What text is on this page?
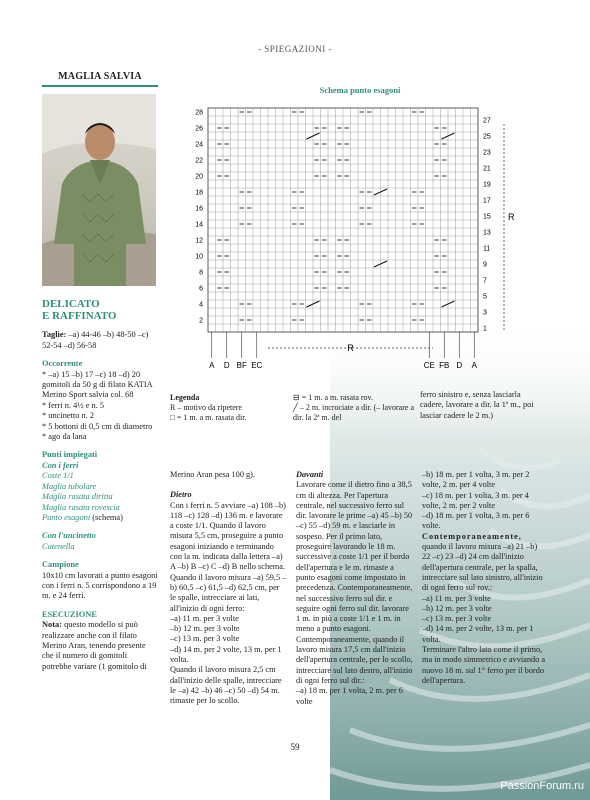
- SPIEGAZIONI -
MAGLIA SALVIA
DELICATO
E RAFFINATO

Taglie: –a) 44-46 –b) 48-50 –c) 52-54 –d) 56-58

Occorrente

* –a) 15 –b) 17 –c) 18 –d) 20 gomitoli da 50 g di filato KATIA Merino Sport salvia col. 68

* ferri n. 4½ e n. 5

* uncinetto n. 2

* 5 bottoni di 0,5 cm di diametro

* ago da lana

Punti impiegati
Con i ferri
Coste 1/1
Maglia tubolare
Maglia rasata diritta
Maglia rasata rovescia
Punto esagoni (schema)
Con l'uncinetto
Catenella
Campione

10x10 cm lavorati a punto esagoni con i ferri n. 5 corrispondono a 19 m. e 24 ferri.

ESECUZIONE

Nota: questo modello si può realizzare anche con il filato Merino Aran, tenendo presente che il numero di gomitoli potrebbe variare (1 gomitolo di

Schema punto esagoni
28
26
24
22
20
18
16
14
12
10
8
6
4
2
27
25
23
21
19
17
15
13
11
9
7
5
3
1
R
R
A D BF EC	CE FB D A
Legenda

R – motivo da ripetere

□ = 1 m. a m. rasata dir.

⊟ = 1 m. a m. rasata rov.

╱ – 2 m. incrociate a dir. (– lavorare a dir. la 2ª m. del

ferro sinistro e, senza lasciarla cadere, lavorare a dir. la 1ª m., poi lasciar cadere le 2 m.)

Merino Aran pesa 100 g).

Dietro

Con i ferri n. 5 avviare –a) 108 –b) 118 –c) 128 –d) 136 m. e lavorare a coste 1/1. Quando il lavoro misura 5,5 cm, proseguire a punto esagoni iniziando e terminando con la m. indicata dalla lettera –a) A –b) B –c) C –d) B nello schema. Quando il lavoro misura –a) 59,5 –b) 60,5 –c) 61,5 –d) 62,5 cm, per le spalle, intrecciare ai lati, all'inizio di ogni ferro:

–a) 11 m. per 3 volte

–b) 12 m. per 3 volte

–c) 13 m. per 3 volte

–d) 14 m. per 2 volte, 13 m. per 1 volta.

Quando il lavoro misura 2,5 cm dall'inizio delle spalle, intrecciare le –a) 42 –b) 46 –c) 50 –d) 54 m. rimaste per lo scollo.

Davanti

Lavorare come il dietro fino a 38,5 cm di altezza. Per l'apertura centrale, nel successivo ferro sul dir. lavorare le prime –a) 45 –b) 50 –c) 55 –d) 59 m. e lasciarle in sospeso. Per il primo lato, proseguire lavorando le 18 m. successive a coste 1/1 per il bordo dell'apertura e le m. rimaste a punto esagoni come impostato in precedenza. Contemporaneamente, nel successivo ferro sul dir. e seguire ogni ferro sul dir. lavorare 1 m. in più a coste 1/1 e 1 m. in meno a punto esagoni. Contemporaneamente, quando il lavoro misura 17,5 cm dall'inizio dell'apertura centrale, per lo scollo, intrecciare sul lato destro, all'inizio di ogni ferro sul dir.:

–a) 18 m. per 1 volta, 2 m. per 6 volte

–b) 18 m. per 1 volta, 3 m. per 2 volte, 2 m. per 4 volte

–c) 18 m. per 1 volta, 3 m. per 4 volte, 2 m. per 2 volte

–d) 18 m. per 1 volta, 3 m. per 6 volte.

Contemporaneamente, quando il lavoro misura –a) 21 –b) 22 –c) 23 –d) 24 cm dall'inizio dell'apertura centrale, per la spalla, intrecciare sul lato sinistro, all'inizio di ogni ferro sul rov.:

–a) 11 m. per 3 volte

–b) 12 m. per 3 volte

–c) 13 m. per 3 volte

–d) 14 m. per 2 volte, 13 m. per 1 volta.

Terminare l'altro lato come il primo, ma in modo simmetrico e avviando a nuovo 18 m. sul 1° ferro per il bordo dell'apertura.

59
PassionForum.ru
